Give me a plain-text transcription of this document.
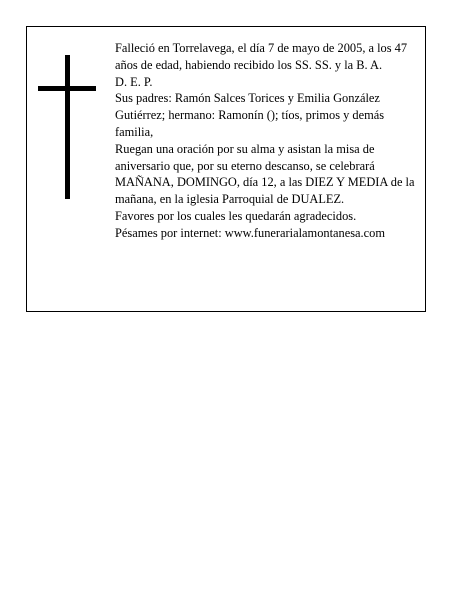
Falleció en Torrelavega, el día 7 de mayo de 2005, a los 47 años de edad, habiendo recibido los SS. SS. y la B. A.

D. E. P.

Sus padres: Ramón Salces Torices y Emilia González Gutiérrez; hermano: Ramonín (); tíos, primos y demás familia,

Ruegan una oración por su alma y asistan la misa de aniversario que, por su eterno descanso, se celebrará MAÑANA, DOMINGO, día 12, a las DIEZ Y MEDIA de la mañana, en la iglesia Parroquial de DUALEZ.

Favores por los cuales les quedarán agradecidos.

Pésames por internet: www.funerarialamontanesa.com
